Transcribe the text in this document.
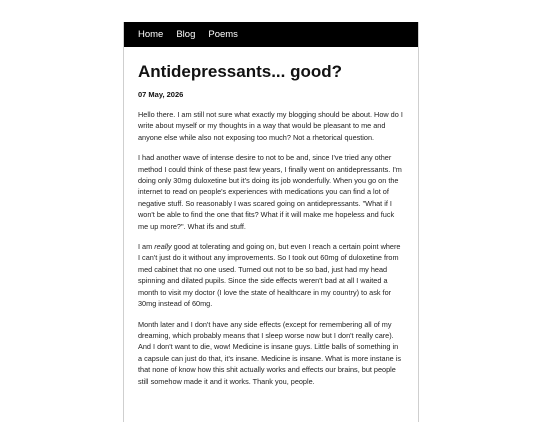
Home Blog Poems
Antidepressants... good?
07 May, 2026

Hello there. I am still not sure what exactly my blogging should be about. How do I write about myself or my thoughts in a way that would be pleasant to me and anyone else while also not exposing too much? Not a rhetorical question.

I had another wave of intense desire to not to be and, since I've tried any other method I could think of these past few years, I finally went on antidepressants. I'm doing only 30mg duloxetine but it's doing its job wonderfully. When you go on the internet to read on people's experiences with medications you can find a lot of negative stuff. So reasonably I was scared going on antidepressants. "What if I won't be able to find the one that fits? What if it will make me hopeless and fuck me up more?". What ifs and stuff.

I am really good at tolerating and going on, but even I reach a certain point where I can't just do it without any improvements. So I took out 60mg of duloxetine from med cabinet that no one used. Turned out not to be so bad, just had my head spinning and dilated pupils. Since the side effects weren't bad at all I waited a month to visit my doctor (I love the state of healthcare in my country) to ask for 30mg instead of 60mg.

Month later and I don't have any side effects (except for remembering all of my dreaming, which probably means that I sleep worse now but I don't really care). And I don't want to die, wow! Medicine is insane guys. Little balls of something in a capsule can just do that, it's insane. Medicine is insane. What is more instane is that none of know how this shit actually works and effects our brains, but people still somehow made it and it works. Thank you, people.
